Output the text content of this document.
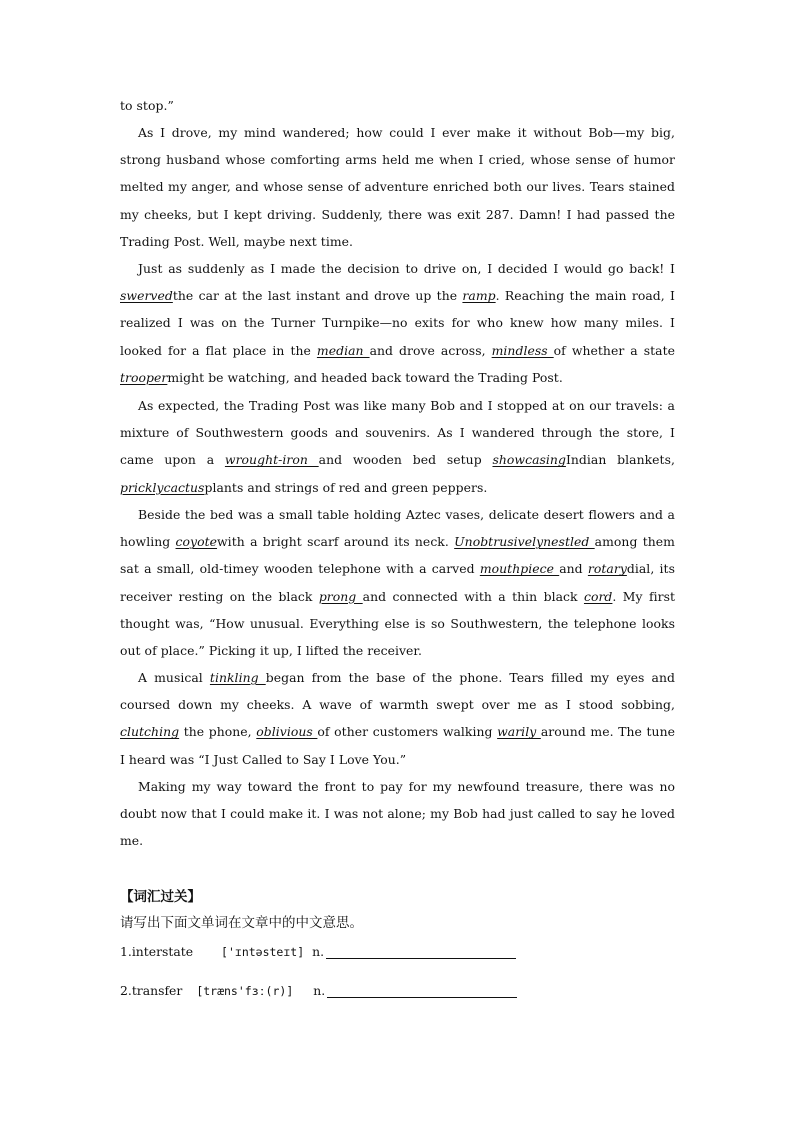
to stop.”
As I drove, my mind wandered; how could I ever make it without Bob—my big, strong husband whose comforting arms held me when I cried, whose sense of humor melted my anger, and whose sense of adventure enriched both our lives. Tears stained my cheeks, but I kept driving. Suddenly, there was exit 287. Damn! I had passed the Trading Post. Well, maybe next time.
Just as suddenly as I made the decision to drive on, I decided I would go back! I swervedthe car at the last instant and drove up the ramp. Reaching the main road, I realized I was on the Turner Turnpike—no exits for who knew how many miles. I looked for a flat place in the median and drove across, mindless of whether a state troopermight be watching, and headed back toward the Trading Post.
As expected, the Trading Post was like many Bob and I stopped at on our travels: a mixture of Southwestern goods and souvenirs. As I wandered through the store, I came upon a wrought-iron and wooden bed setup showcasingIndian blankets, pricklycactusplants and strings of red and green peppers.
Beside the bed was a small table holding Aztec vases, delicate desert flowers and a howling coyotewith a bright scarf around its neck. Unobtrusivelynestled among them sat a small, old-timey wooden telephone with a carved mouthpiece and rotarydial, its receiver resting on the black prong and connected with a thin black cord. My first thought was, “How unusual. Everything else is so Southwestern, the telephone looks out of place.” Picking it up, I lifted the receiver.
A musical tinkling began from the base of the phone. Tears filled my eyes and coursed down my cheeks. A wave of warmth swept over me as I stood sobbing, clutching the phone, oblivious of other customers walking warily around me. The tune I heard was “I Just Called to Say I Love You.”
Making my way toward the front to pay for my newfound treasure, there was no doubt now that I could make it. I was not alone; my Bob had just called to say he loved me.
【词汇过关】
请写出下面文单词在文章中的中文意思。
1. interstate ['ɪntəsteɪt] n.
2. transfer [træns'fɜː(r)] n.
